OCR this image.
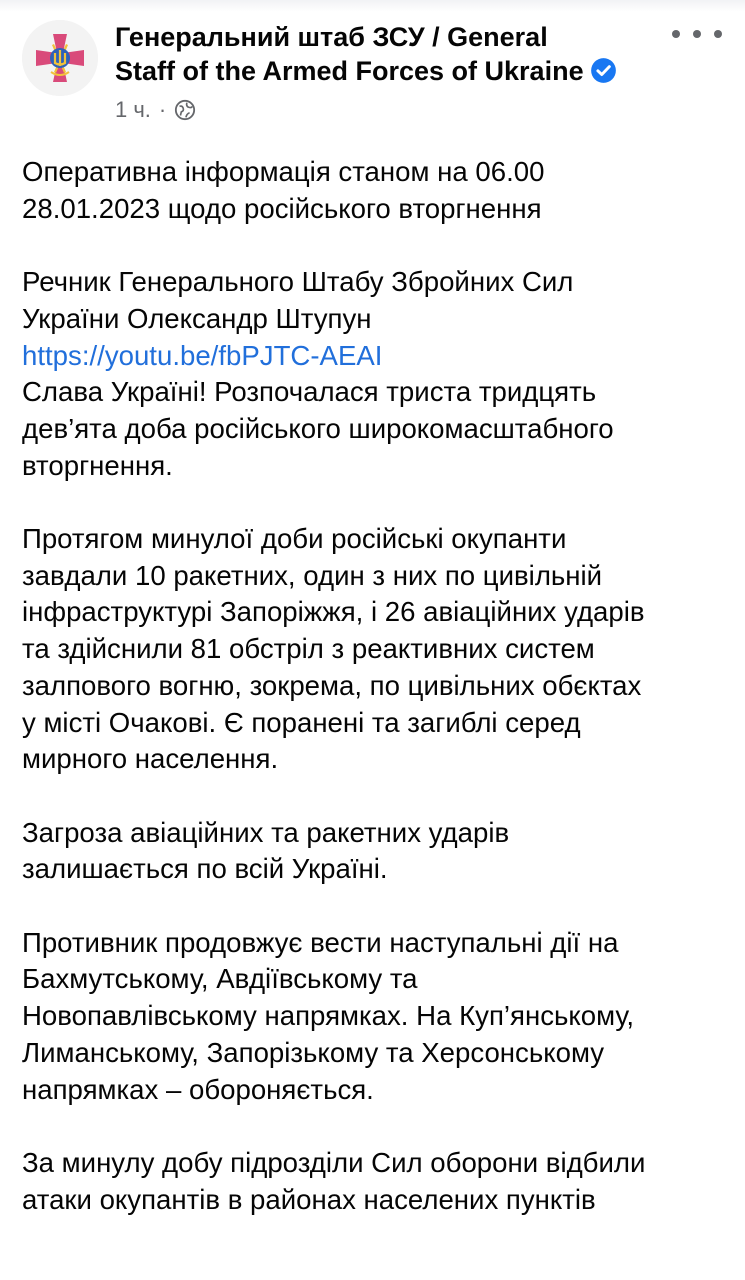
Генеральний штаб ЗСУ / General
Staff of the Armed Forces of Ukraine
1 ч. ·

Оперативна інформація станом на 06.00
28.01.2023 щодо російського вторгнення

Речник Генерального Штабу Збройних Сил
України Олександр Штупун
https://youtu.be/fbPJTC-AEAI
Слава Україні! Розпочалася триста тридцять
дев’ята доба російського широкомасштабного
вторгнення.

Протягом минулої доби російські окупанти
завдали 10 ракетних, один з них по цивільній
інфраструктурі Запоріжжя, і 26 авіаційних ударів
та здійснили 81 обстріл з реактивних систем
залпового вогню, зокрема, по цивільних обєктах
у місті Очакові. Є поранені та загиблі серед
мирного населення.

Загроза авіаційних та ракетних ударів
залишається по всій Україні.

Противник продовжує вести наступальні дії на
Бахмутському, Авдіївському та
Новопавлівському напрямках. На Куп’янському,
Лиманському, Запорізькому та Херсонському
напрямках – обороняється.

За минулу добу підрозділи Сил оборони відбили
атаки окупантів в районах населених пунктів
